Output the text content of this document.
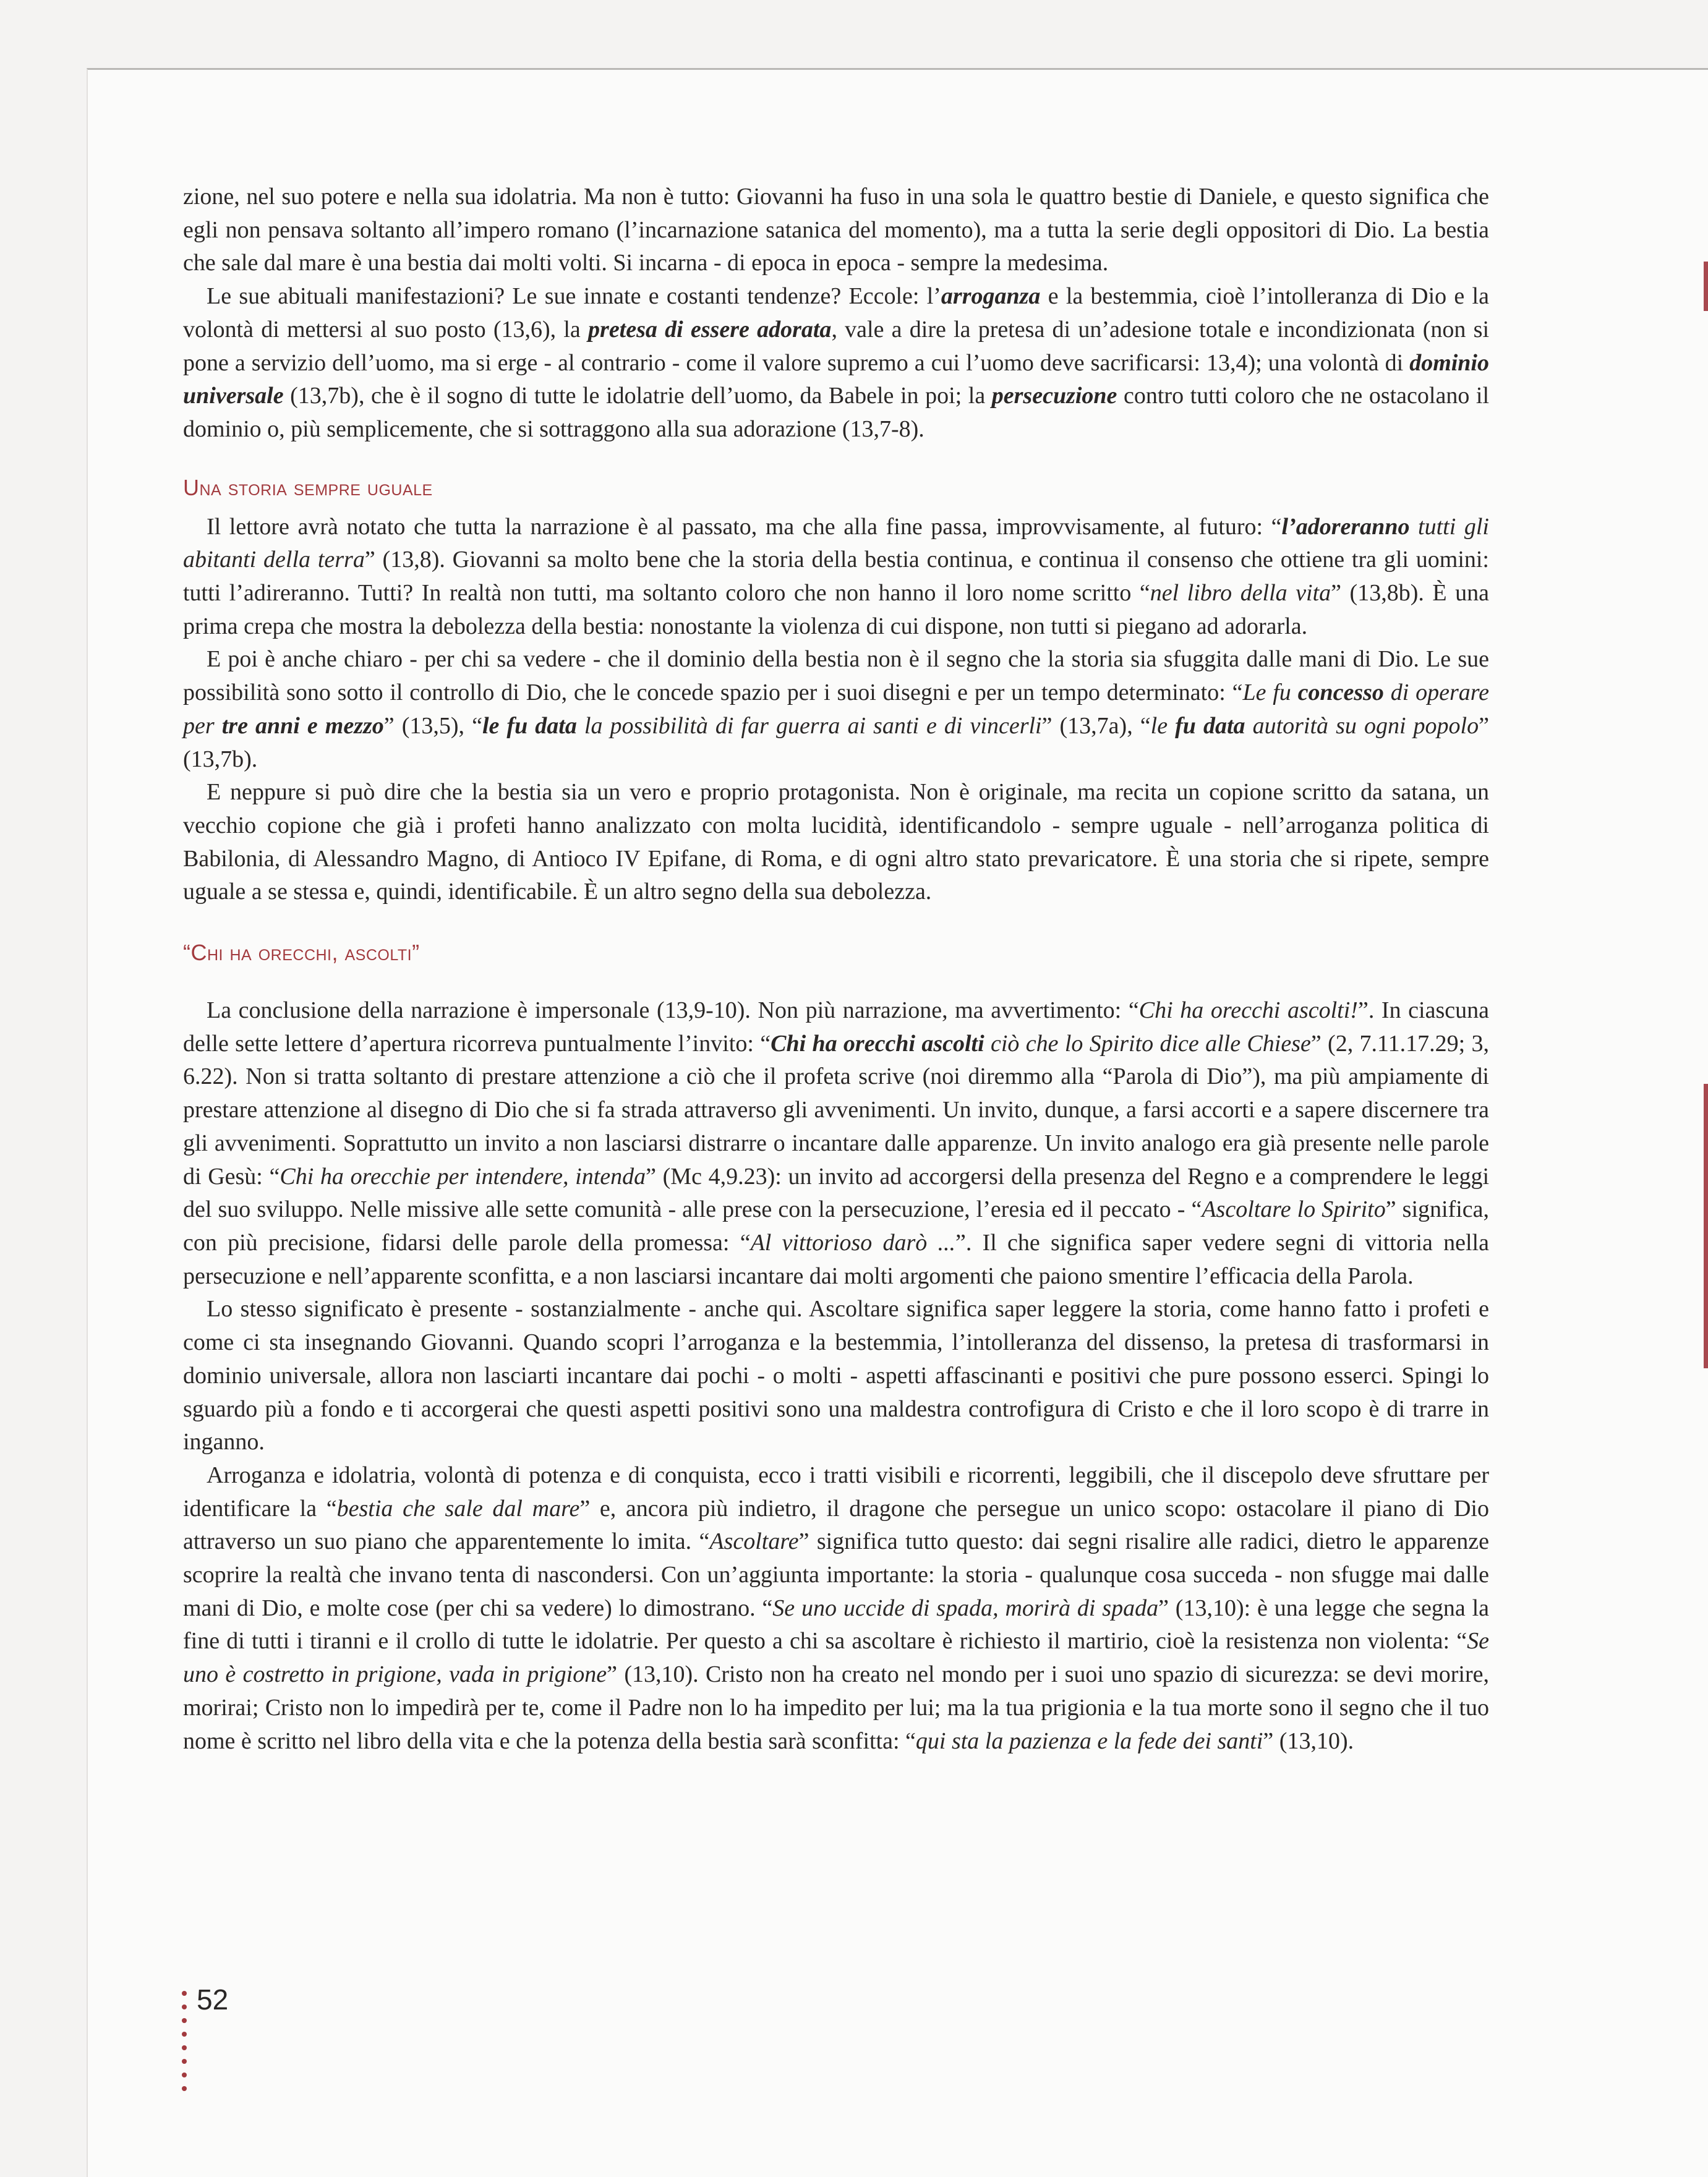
zione, nel suo potere e nella sua idolatria. Ma non è tutto: Giovanni ha fuso in una sola le quattro bestie di Daniele, e questo significa che egli non pensava soltanto all’impero romano (l’incarnazione satanica del momento), ma a tutta la serie degli oppositori di Dio. La bestia che sale dal mare è una bestia dai molti volti. Si incarna - di epoca in epoca - sempre la medesima.

Le sue abituali manifestazioni? Le sue innate e costanti tendenze? Eccole: l’arroganza e la bestemmia, cioè l’intolleranza di Dio e la volontà di mettersi al suo posto (13,6), la pretesa di essere adorata, vale a dire la pretesa di un’adesione totale e incondizionata (non si pone a servizio dell’uomo, ma si erge - al contrario - come il valore supremo a cui l’uomo deve sacrificarsi: 13,4); una volontà di dominio universale (13,7b), che è il sogno di tutte le idolatrie dell’uomo, da Babele in poi; la persecuzione contro tutti coloro che ne ostacolano il dominio o, più semplicemente, che si sottraggono alla sua adorazione (13,7-8).

Una storia sempre uguale

Il lettore avrà notato che tutta la narrazione è al passato, ma che alla fine passa, improvvisamente, al futuro: “l’adoreranno tutti gli abitanti della terra” (13,8). Giovanni sa molto bene che la storia della bestia continua, e continua il consenso che ottiene tra gli uomini: tutti l’adireranno. Tutti? In realtà non tutti, ma soltanto coloro che non hanno il loro nome scritto “nel libro della vita” (13,8b). È una prima crepa che mostra la debolezza della bestia: nonostante la violenza di cui dispone, non tutti si piegano ad adorarla.

E poi è anche chiaro - per chi sa vedere - che il dominio della bestia non è il segno che la storia sia sfuggita dalle mani di Dio. Le sue possibilità sono sotto il controllo di Dio, che le concede spazio per i suoi disegni e per un tempo determinato: “Le fu concesso di operare per tre anni e mezzo” (13,5), “le fu data la possibilità di far guerra ai santi e di vincerli” (13,7a), “le fu data autorità su ogni popolo” (13,7b).

E neppure si può dire che la bestia sia un vero e proprio protagonista. Non è originale, ma recita un copione scritto da satana, un vecchio copione che già i profeti hanno analizzato con molta lucidità, identificandolo - sempre uguale - nell’arroganza politica di Babilonia, di Alessandro Magno, di Antioco IV Epifane, di Roma, e di ogni altro stato prevaricatore. È una storia che si ripete, sempre uguale a se stessa e, quindi, identificabile. È un altro segno della sua debolezza.

“Chi ha orecchi, ascolti”

La conclusione della narrazione è impersonale (13,9-10). Non più narrazione, ma avvertimento: “Chi ha orecchi ascolti!”. In ciascuna delle sette lettere d’apertura ricorreva puntualmente l’invito: “Chi ha orecchi ascolti ciò che lo Spirito dice alle Chiese” (2, 7.11.17.29; 3, 6.22). Non si tratta soltanto di prestare attenzione a ciò che il profeta scrive (noi diremmo alla “Parola di Dio”), ma più ampiamente di prestare attenzione al disegno di Dio che si fa strada attraverso gli avvenimenti. Un invito, dunque, a farsi accorti e a sapere discernere tra gli avvenimenti. Soprattutto un invito a non lasciarsi distrarre o incantare dalle apparenze. Un invito analogo era già presente nelle parole di Gesù: “Chi ha orecchie per intendere, intenda” (Mc 4,9.23): un invito ad accorgersi della presenza del Regno e a comprendere le leggi del suo sviluppo. Nelle missive alle sette comunità - alle prese con la persecuzione, l’eresia ed il peccato - “Ascoltare lo Spirito” significa, con più precisione, fidarsi delle parole della promessa: “Al vittorioso darò ...”. Il che significa saper vedere segni di vittoria nella persecuzione e nell’apparente sconfitta, e a non lasciarsi incantare dai molti argomenti che paiono smentire l’efficacia della Parola.

Lo stesso significato è presente - sostanzialmente - anche qui. Ascoltare significa saper leggere la storia, come hanno fatto i profeti e come ci sta insegnando Giovanni. Quando scopri l’arroganza e la bestemmia, l’intolleranza del dissenso, la pretesa di trasformarsi in dominio universale, allora non lasciarti incantare dai pochi - o molti - aspetti affascinanti e positivi che pure possono esserci. Spingi lo sguardo più a fondo e ti accorgerai che questi aspetti positivi sono una maldestra controfigura di Cristo e che il loro scopo è di trarre in inganno.

Arroganza e idolatria, volontà di potenza e di conquista, ecco i tratti visibili e ricorrenti, leggibili, che il discepolo deve sfruttare per identificare la “bestia che sale dal mare” e, ancora più indietro, il dragone che persegue un unico scopo: ostacolare il piano di Dio attraverso un suo piano che apparentemente lo imita. “Ascoltare” significa tutto questo: dai segni risalire alle radici, dietro le apparenze scoprire la realtà che invano tenta di nascondersi. Con un’aggiunta importante: la storia - qualunque cosa succeda - non sfugge mai dalle mani di Dio, e molte cose (per chi sa vedere) lo dimostrano. “Se uno uccide di spada, morirà di spada” (13,10): è una legge che segna la fine di tutti i tiranni e il crollo di tutte le idolatrie. Per questo a chi sa ascoltare è richiesto il martirio, cioè la resistenza non violenta: “Se uno è costretto in prigione, vada in prigione” (13,10). Cristo non ha creato nel mondo per i suoi uno spazio di sicurezza: se devi morire, morirai; Cristo non lo impedirà per te, come il Padre non lo ha impedito per lui; ma la tua prigionia e la tua morte sono il segno che il tuo nome è scritto nel libro della vita e che la potenza della bestia sarà sconfitta: “qui sta la pazienza e la fede dei santi” (13,10).

52
